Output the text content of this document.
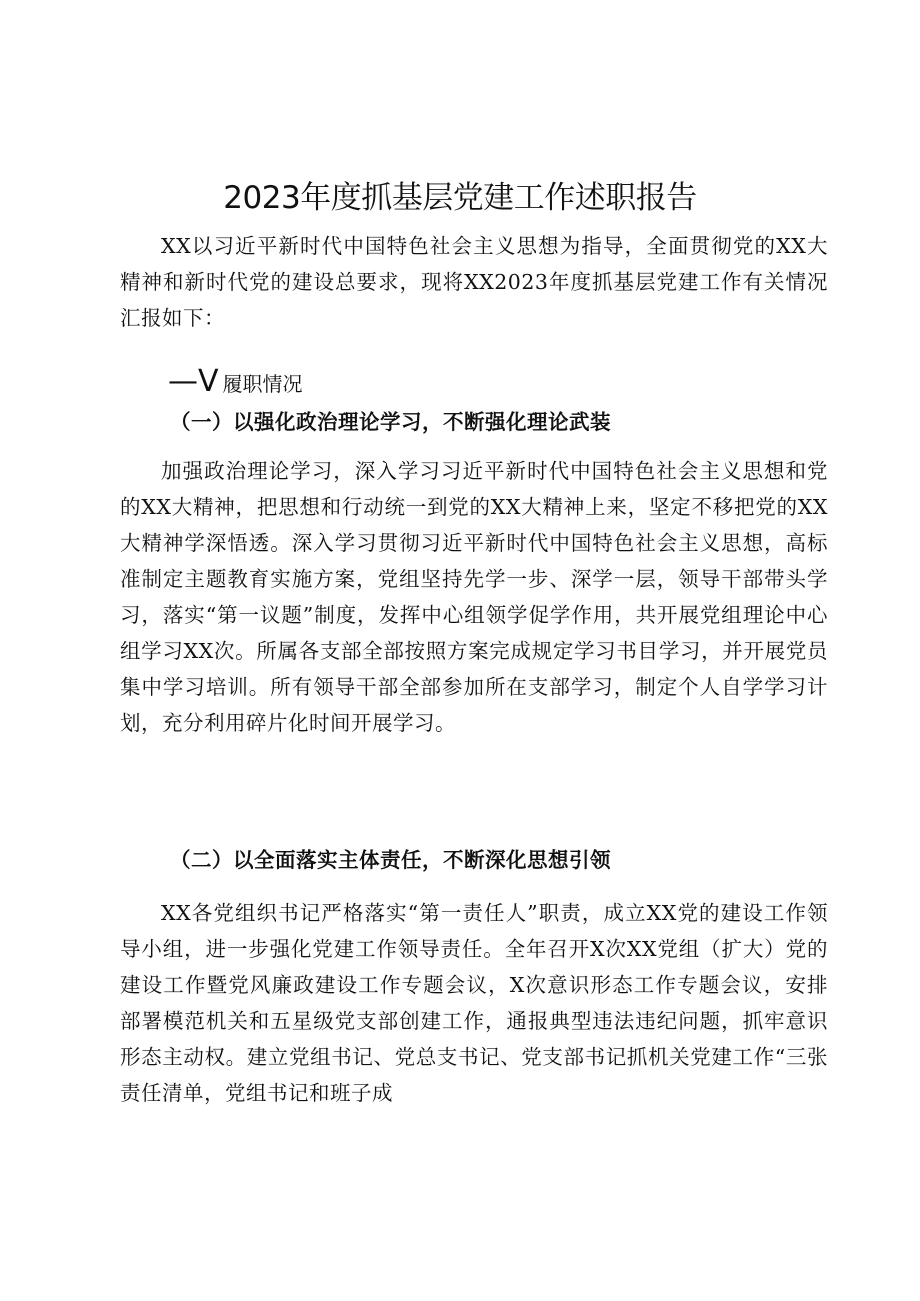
2023年度抓基层党建工作述职报告

XX以习近平新时代中国特色社会主义思想为指导，全面贯彻党的XX大精神和新时代党的建设总要求，现将XX2023年度抓基层党建工作有关情况汇报如下：

—V 履职情况
（一）以强化政治理论学习，不断强化理论武装

加强政治理论学习，深入学习习近平新时代中国特色社会主义思想和党的XX大精神，把思想和行动统一到党的XX大精神上来，坚定不移把党的XX大精神学深悟透。深入学习贯彻习近平新时代中国特色社会主义思想，高标准制定主题教育实施方案，党组坚持先学一步、深学一层，领导干部带头学习，落实“第一议题”制度，发挥中心组领学促学作用，共开展党组理论中心组学习XX次。所属各支部全部按照方案完成规定学习书目学习，并开展党员集中学习培训。所有领导干部全部参加所在支部学习，制定个人自学学习计划，充分利用碎片化时间开展学习。

（二）以全面落实主体责任，不断深化思想引领

XX各党组织书记严格落实“第一责任人”职责，成立XX党的建设工作领导小组，进一步强化党建工作领导责任。全年召开X次XX党组（扩大）党的建设工作暨党风廉政建设工作专题会议，X次意识形态工作专题会议，安排部署模范机关和五星级党支部创建工作，通报典型违法违纪问题，抓牢意识形态主动权。建立党组书记、党总支书记、党支部书记抓机关党建工作“三张责任清单，党组书记和班子成
